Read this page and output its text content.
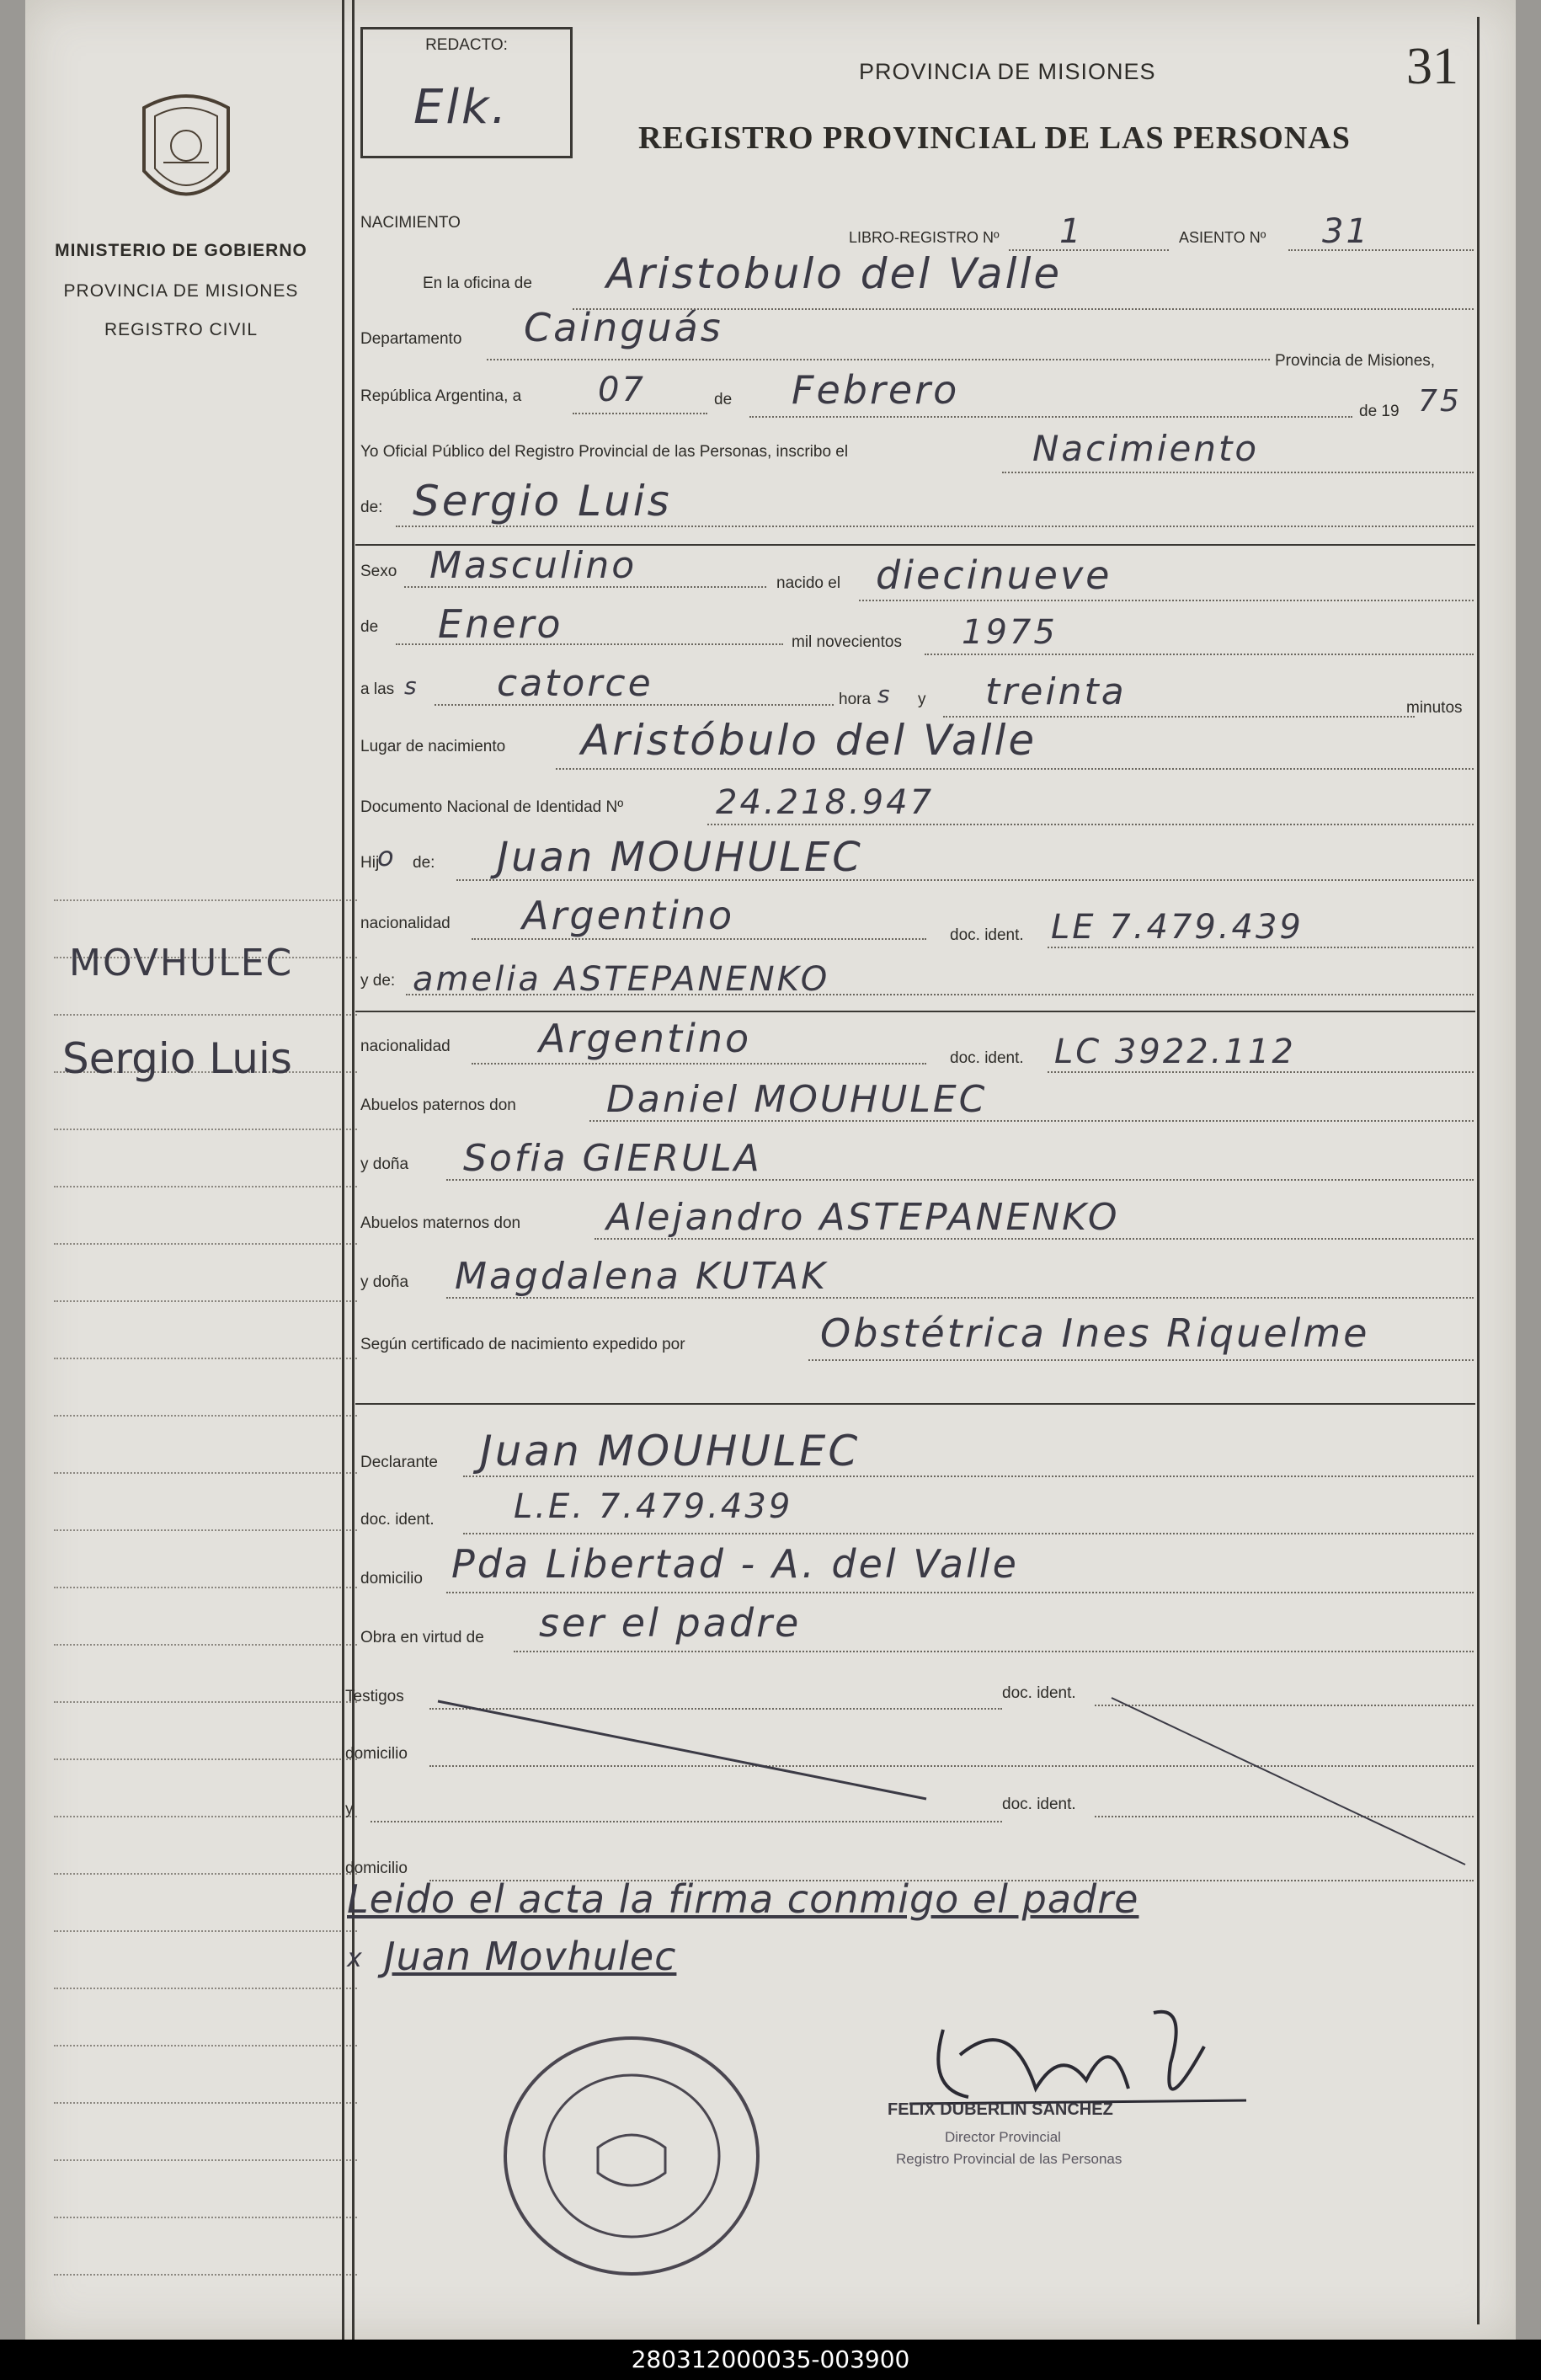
MINISTERIO DE GOBIERNO
PROVINCIA DE MISIONES
REGISTRO CIVIL
MOVHULEC
Sergio Luis
REDACTO:
Elk.
PROVINCIA DE MISIONES
REGISTRO PROVINCIAL DE LAS PERSONAS
31
NACIMIENTO
LIBRO-REGISTRO Nº 1	ASIENTO Nº 31
En la oficina de Aristobulo del Valle
Departamento Cainguás
Provincia de Misiones,
República Argentina, a 07	de Febrero	de 19 75
Yo Oficial Público del Registro Provincial de las Personas, inscribo el	Nacimiento
de: Sergio Luis
Sexo Masculino	nacido el diecinueve
de Enero	mil novecientos 1975
a las s catorce	hora s y treinta	minutos
Lugar de nacimiento Aristóbulo del Valle
Documento Nacional de Identidad Nº	24.218.947
Hij
o de: Juan MOUHULEC
nacionalidad Argentino	doc. ident. LE 7.479.439
y de: amelia ASTEPANENKO
nacionalidad Argentino	doc. ident. LC 3922.112
Abuelos paternos don Daniel MOUHULEC
y doña Sofia GIERULA
Abuelos maternos don Alejandro ASTEPANENKO
y doña Magdalena KUTAK
Según certificado de nacimiento expedido por	Obstétrica Ines Riquelme
Declarante Juan MOUHULEC
doc. ident. L.E. 7.479.439
domicilio Pda Libertad - A. del Valle
Obra en virtud de ser el padre
Testigos	doc. ident.
domicilio
y	doc. ident.
domicilio
Leido el acta la firma conmigo el padre
x Juan Movhulec
FELIX DUBERLIN SANCHEZ
Director Provincial
Registro Provincial de las Personas
280312000035-003900
